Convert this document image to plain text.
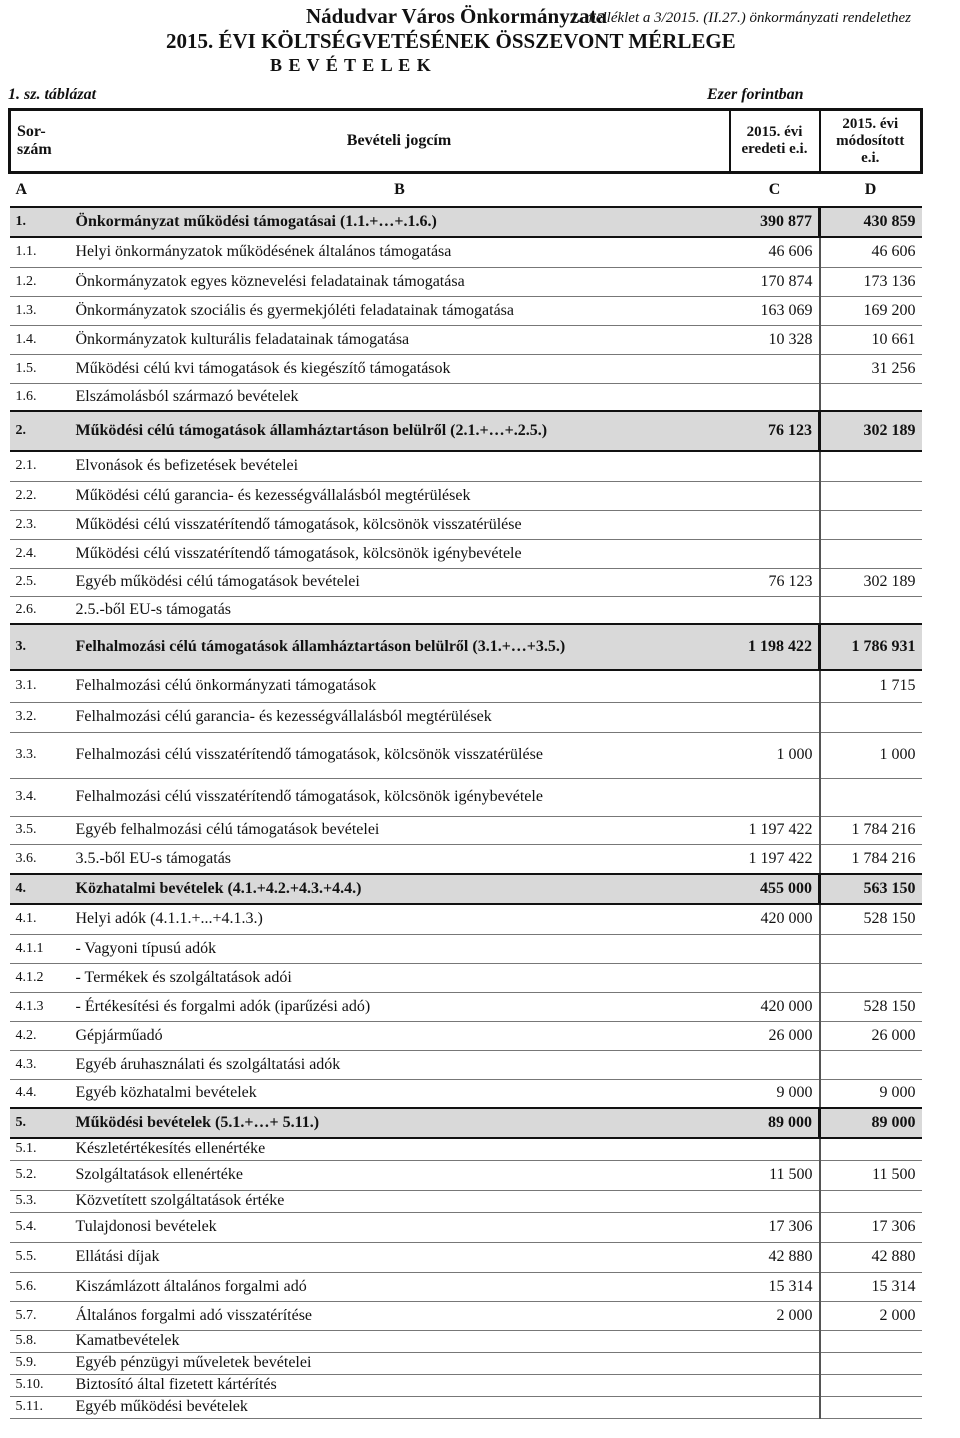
1. melléklet a 3/2015. (II.27.) önkormányzati rendelethez
Nádudvar Város Önkormányzata
2015. ÉVI KÖLTSÉGVETÉSÉNEK ÖSSZEVONT MÉRLEGE
B E V É T E L E K
1. sz. táblázat	Ezer forintban
Sor-
szám	Bevételi jogcím	2015. évi eredeti e.i.	2015. évi módosított e.i.
A	B	C	D
1.	Önkormányzat működési támogatásai (1.1.+…+.1.6.)	390 877	430 859
1.1.	Helyi önkormányzatok működésének általános támogatása	46 606	46 606
1.2.	Önkormányzatok egyes köznevelési feladatainak támogatása	170 874	173 136
1.3.	Önkormányzatok szociális és gyermekjóléti feladatainak támogatása	163 069	169 200
1.4.	Önkormányzatok kulturális feladatainak támogatása	10 328	10 661
1.5.	Működési célú kvi támogatások és kiegészítő támogatások		31 256
1.6.	Elszámolásból származó bevételek		
2.	Működési célú támogatások államháztartáson belülről (2.1.+…+.2.5.)	76 123	302 189
2.1.	Elvonások és befizetések bevételei		
2.2.	Működési célú garancia- és kezességvállalásból megtérülések		
2.3.	Működési célú visszatérítendő támogatások, kölcsönök visszatérülése		
2.4.	Működési célú visszatérítendő támogatások, kölcsönök igénybevétele		
2.5.	Egyéb működési célú támogatások bevételei	76 123	302 189
2.6.	2.5.-ből EU-s támogatás		
3.	Felhalmozási célú támogatások államháztartáson belülről (3.1.+…+3.5.)	1 198 422	1 786 931
3.1.	Felhalmozási célú önkormányzati támogatások		1 715
3.2.	Felhalmozási célú garancia- és kezességvállalásból megtérülések		
3.3.	Felhalmozási célú visszatérítendő támogatások, kölcsönök visszatérülése	1 000	1 000
3.4.	Felhalmozási célú visszatérítendő támogatások, kölcsönök igénybevétele		
3.5.	Egyéb felhalmozási célú támogatások bevételei	1 197 422	1 784 216
3.6.	3.5.-ből EU-s támogatás	1 197 422	1 784 216
4.	Közhatalmi bevételek (4.1.+4.2.+4.3.+4.4.)	455 000	563 150
4.1.	Helyi adók (4.1.1.+...+4.1.3.)	420 000	528 150
4.1.1	- Vagyoni típusú adók		
4.1.2	- Termékek és szolgáltatások adói		
4.1.3	- Értékesítési és forgalmi adók (iparűzési adó)	420 000	528 150
4.2.	Gépjárműadó	26 000	26 000
4.3.	Egyéb áruhasználati és szolgáltatási adók		
4.4.	Egyéb közhatalmi bevételek	9 000	9 000
5.	Működési bevételek (5.1.+…+ 5.11.)	89 000	89 000
5.1.	Készletértékesítés ellenértéke		
5.2.	Szolgáltatások ellenértéke	11 500	11 500
5.3.	Közvetített szolgáltatások értéke		
5.4.	Tulajdonosi bevételek	17 306	17 306
5.5.	Ellátási díjak	42 880	42 880
5.6.	Kiszámlázott általános forgalmi adó	15 314	15 314
5.7.	Általános forgalmi adó visszatérítése	2 000	2 000
5.8.	Kamatbevételek		
5.9.	Egyéb pénzügyi műveletek bevételei		
5.10.	Biztosító által fizetett kártérítés		
5.11.	Egyéb működési bevételek		
